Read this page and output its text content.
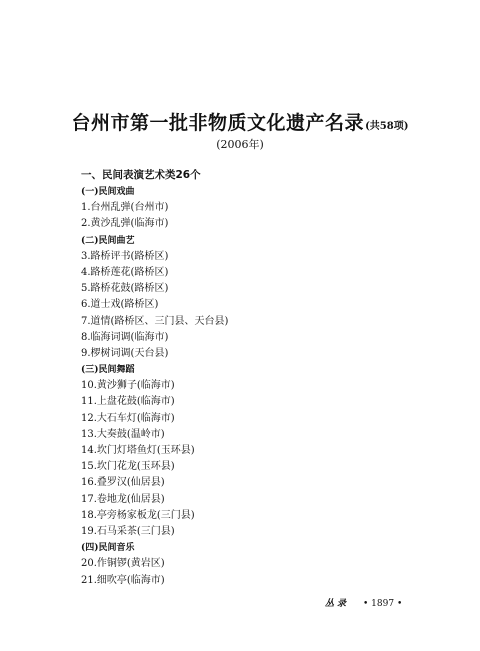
台州市第一批非物质文化遗产名录(共58项)
(2006年)
一、民间表演艺术类26个
(一)民间戏曲
1.台州乱弹(台州市)
2.黄沙乱弹(临海市)
(二)民间曲艺
3.路桥评书(路桥区)
4.路桥莲花(路桥区)
5.路桥花鼓(路桥区)
6.道士戏(路桥区)
7.道情(路桥区、三门县、天台县)
8.临海词调(临海市)
9.椤树词调(天台县)
(三)民间舞蹈
10.黄沙狮子(临海市)
11.上盘花鼓(临海市)
12.大石车灯(临海市)
13.大奏鼓(温岭市)
14.坎门灯塔鱼灯(玉环县)
15.坎门花龙(玉环县)
16.叠罗汉(仙居县)
17.卷地龙(仙居县)
18.亭旁杨家板龙(三门县)
19.石马采茶(三门县)
(四)民间音乐
20.作铜锣(黄岩区)
21.细吹亭(临海市)
丛录 • 1897 •
